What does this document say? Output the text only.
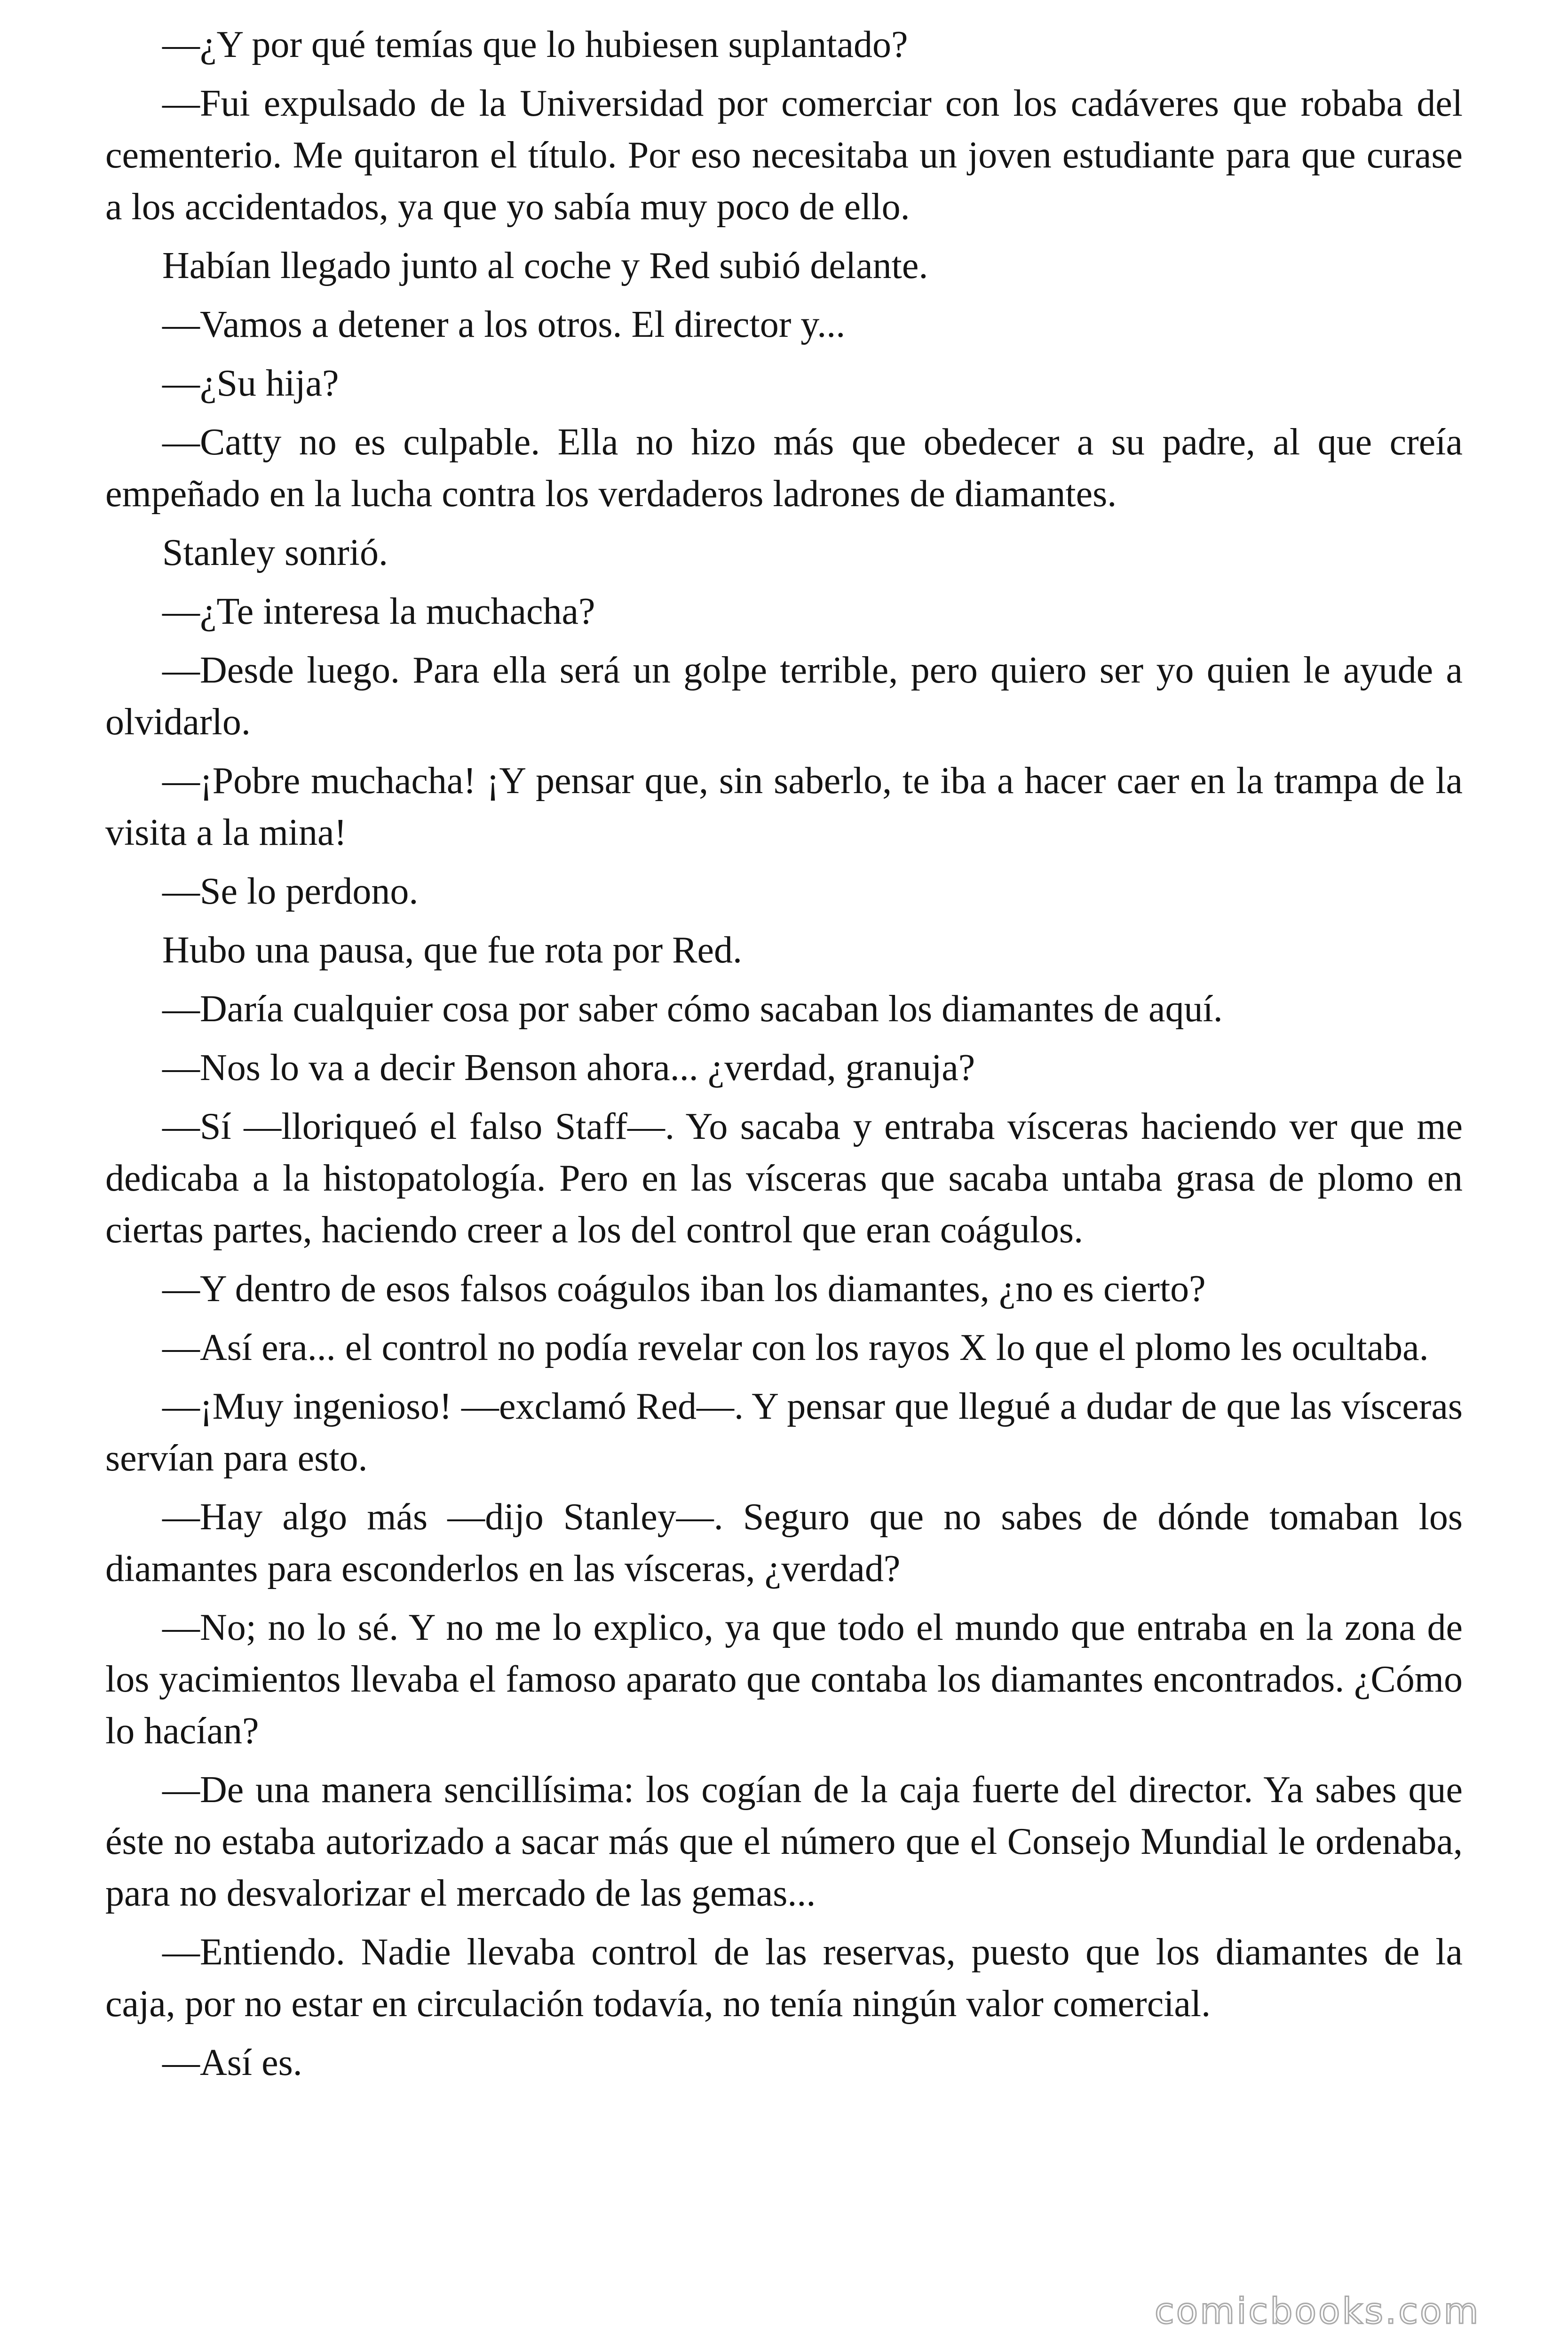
—¿Y por qué temías que lo hubiesen suplantado?

—Fui expulsado de la Universidad por comerciar con los cadáveres que robaba del cementerio. Me quitaron el título. Por eso necesitaba un joven estudiante para que curase a los accidentados, ya que yo sabía muy poco de ello.

Habían llegado junto al coche y Red subió delante.

—Vamos a detener a los otros. El director y...

—¿Su hija?

—Catty no es culpable. Ella no hizo más que obedecer a su padre, al que creía empeñado en la lucha contra los verdaderos ladrones de diamantes.

Stanley sonrió.

—¿Te interesa la muchacha?

—Desde luego. Para ella será un golpe terrible, pero quiero ser yo quien le ayude a olvidarlo.

—¡Pobre muchacha! ¡Y pensar que, sin saberlo, te iba a hacer caer en la trampa de la visita a la mina!

—Se lo perdono.

Hubo una pausa, que fue rota por Red.

—Daría cualquier cosa por saber cómo sacaban los diamantes de aquí.

—Nos lo va a decir Benson ahora... ¿verdad, granuja?

—Sí —lloriqueó el falso Staff—. Yo sacaba y entraba vísceras haciendo ver que me dedicaba a la histopatología. Pero en las vísceras que sacaba untaba grasa de plomo en ciertas partes, haciendo creer a los del control que eran coágulos.

—Y dentro de esos falsos coágulos iban los diamantes, ¿no es cierto?

—Así era... el control no podía revelar con los rayos X lo que el plomo les ocultaba.

—¡Muy ingenioso! —exclamó Red—. Y pensar que llegué a dudar de que las vísceras servían para esto.

—Hay algo más —dijo Stanley—. Seguro que no sabes de dónde tomaban los diamantes para esconderlos en las vísceras, ¿verdad?

—No; no lo sé. Y no me lo explico, ya que todo el mundo que entraba en la zona de los yacimientos llevaba el famoso aparato que contaba los diamantes encontrados. ¿Cómo lo hacían?

—De una manera sencillísima: los cogían de la caja fuerte del director. Ya sabes que éste no estaba autorizado a sacar más que el número que el Consejo Mundial le ordenaba, para no desvalorizar el mercado de las gemas...

—Entiendo. Nadie llevaba control de las reservas, puesto que los diamantes de la caja, por no estar en circulación todavía, no tenía ningún valor comercial.

—Así es.

comicbooks.com
